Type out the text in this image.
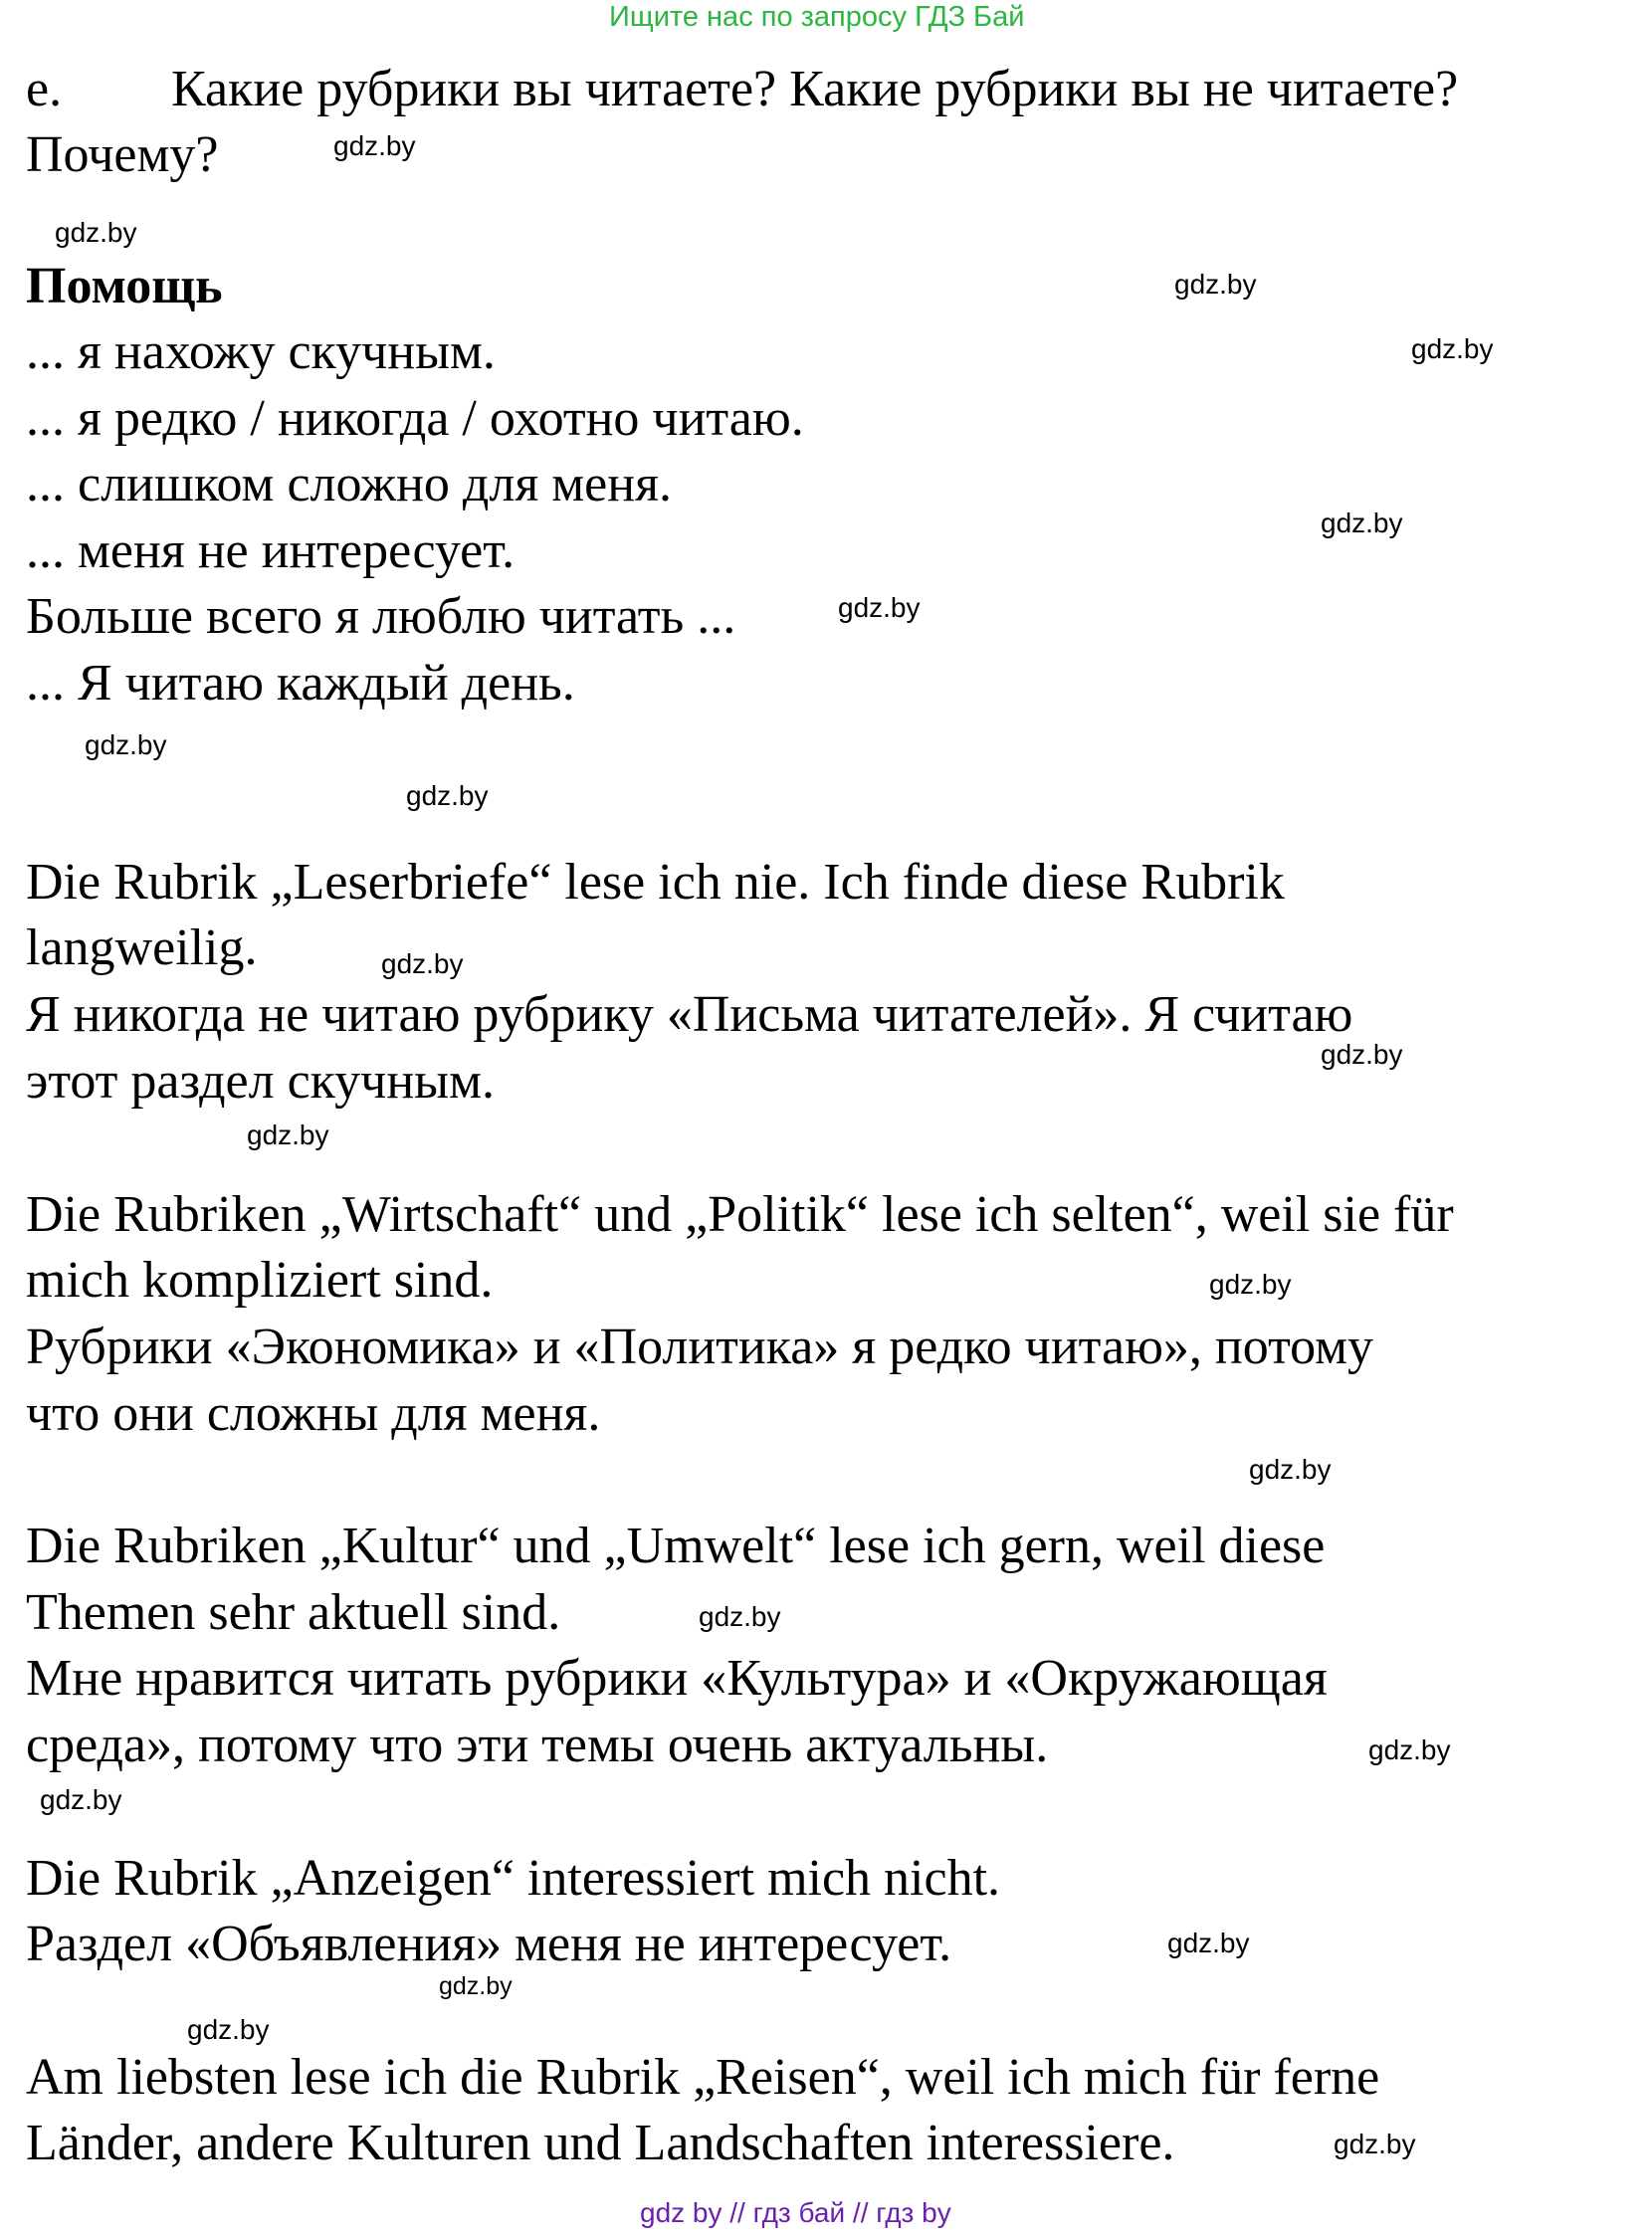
Ищите нас по запросу ГДЗ Бай
e. Какие рубрики вы читаете? Какие рубрики вы не читаете?
Почему?
Помощь
... я нахожу скучным.
... я редко / никогда / охотно читаю.
... слишком сложно для меня.
... меня не интересует.
Больше всего я люблю читать ...
... Я читаю каждый день.
Die Rubrik „Leserbriefe“ lese ich nie. Ich finde diese Rubrik
langweilig.
Я никогда не читаю рубрику «Письма читателей». Я считаю
этот раздел скучным.
Die Rubriken „Wirtschaft“ und „Politik“ lese ich selten“, weil sie für
mich kompliziert sind.
Рубрики «Экономика» и «Политика» я редко читаю», потому
что они сложны для меня.
Die Rubriken „Kultur“ und „Umwelt“ lese ich gern, weil diese
Themen sehr aktuell sind.
Мне нравится читать рубрики «Культура» и «Окружающая
среда», потому что эти темы очень актуальны.
Die Rubrik „Anzeigen“ interessiert mich nicht.
Раздел «Объявления» меня не интересует.
Am liebsten lese ich die Rubrik „Reisen“, weil ich mich für ferne
Länder, andere Kulturen und Landschaften interessiere.
gdz.by
gdz.by
gdz.by
gdz.by
gdz.by
gdz.by
gdz.by
gdz.by
gdz.by
gdz.by
gdz.by
gdz.by
gdz.by
gdz.by
gdz.by
gdz.by
gdz.by
gdz.by
gdz.by
gdz.by
gdz by // гдз бай // гдз by
